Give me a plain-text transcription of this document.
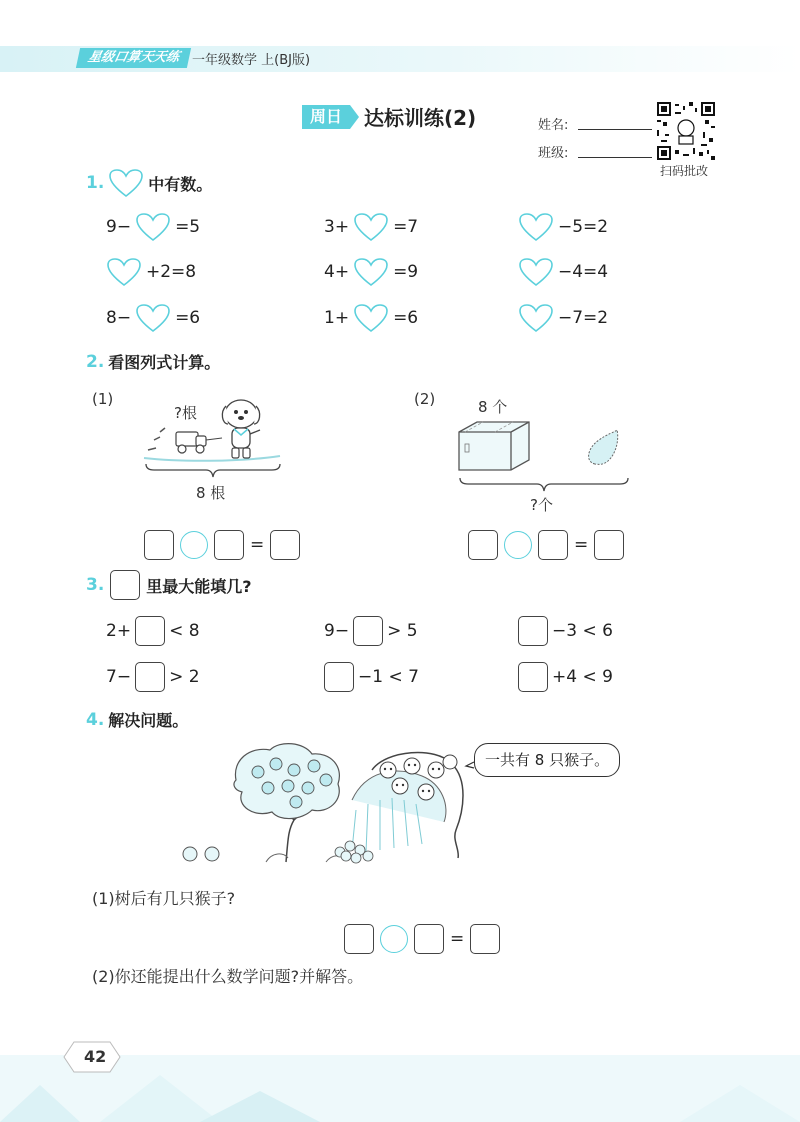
星级口算天天练 一年级数学 上(BJ版)
周日	达标训练(2)	姓名:
班级:
扫码批改
1.	中有数。
9−	=5	3+	=7	−5=2
+2=8	4+	=9	−4=4
8−	=6	1+	=6	−7=2
2. 看图列式计算。
(1)
?根
8 根
(2)	8 个
?个
=	=
3.	里最大能填几?
2+ < 8	9− > 5	−3 < 6
7− > 2	−1 < 7	+4 < 9
4. 解决问题。
一共有 8 只猴子。
(1)树后有几只猴子?
=
(2)你还能提出什么数学问题?并解答。
42
